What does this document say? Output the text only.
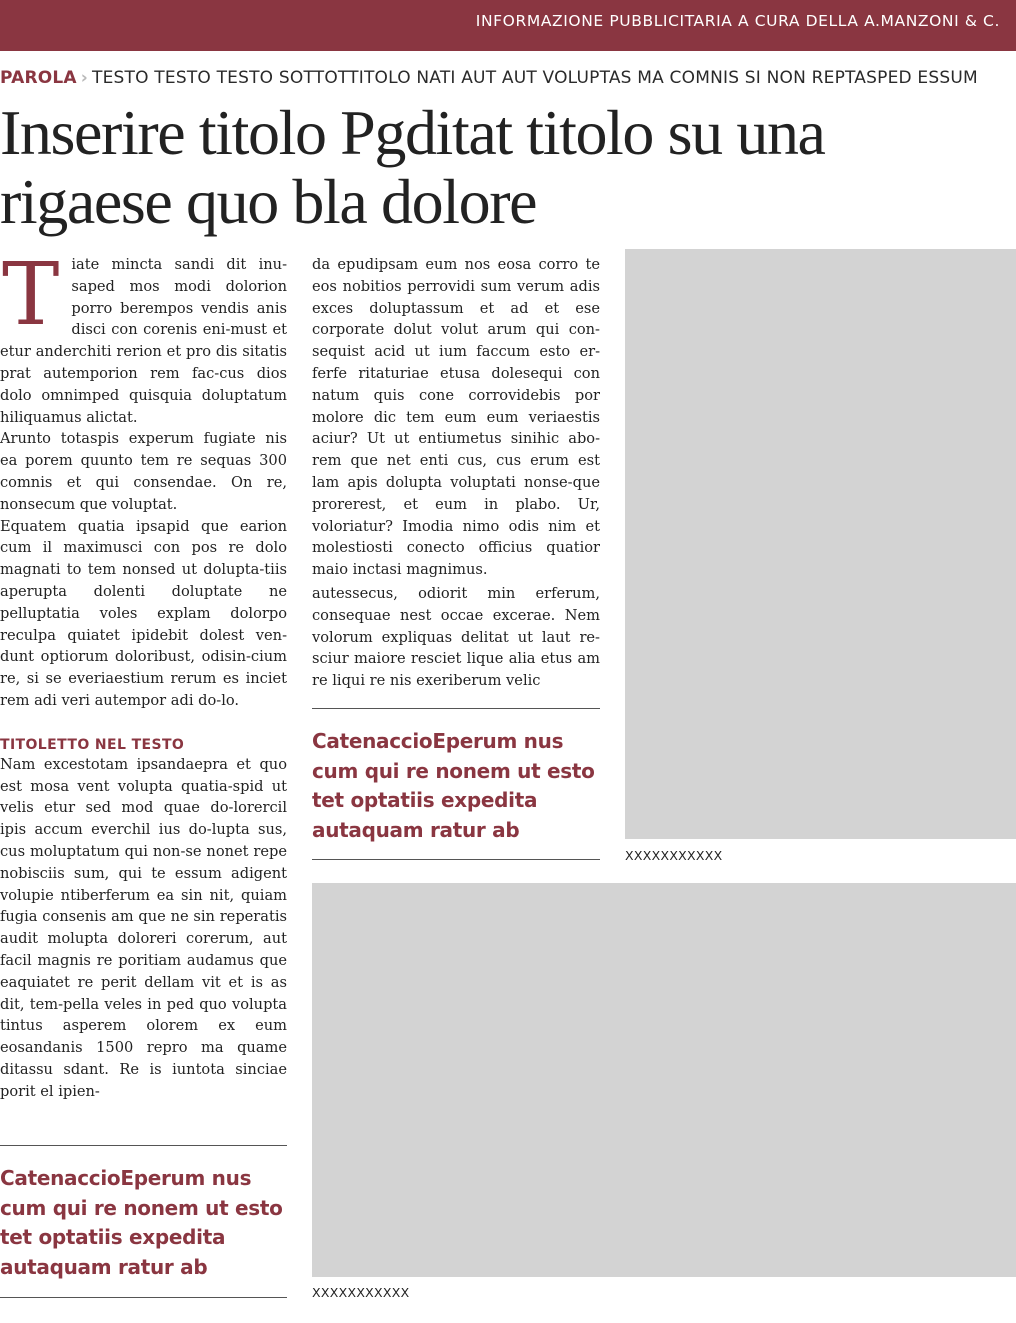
INFORMAZIONE PUBBLICITARIA A CURA DELLA A.MANZONI & C.
PAROLA › TESTO TESTO TESTO SOTTOTTITOLO NATI AUT AUT VOLUPTAS MA COMNIS SI NON REPTASPED ESSUM
Inserire titolo Pgditat titolo su una rigaese quo bla dolore
T iate mincta sandi dit inu-saped mos modi dolorion porro berempos vendis anis disci con corenis eni-must et etur anderchiti rerion et pro dis sitatis prat autemporion rem fac-cus dios dolo omnimped quisquia doluptatum hiliquamus alictat.

Arunto totaspis experum fugiate nis ea porem quunto tem re sequas 300 comnis et qui consendae. On re, nonsecum que voluptat.

Equatem quatia ipsapid que earion cum il maximusci con pos re dolo magnati to tem nonsed ut dolupta-tiis aperupta dolenti doluptate ne pelluptatia voles explam dolorpo reculpa quiatet ipidebit dolest ven-dunt optiorum doloribust, odisin-cium re, si se everiaestium rerum es inciet rem adi veri autempor adi do-lo.

TITOLETTO NEL TESTO

Nam excestotam ipsandaepra et quo est mosa vent volupta quatia-spid ut velis etur sed mod quae do-lorercil ipis accum everchil ius do-lupta sus, cus moluptatum qui non-se nonet repe nobisciis sum, qui te essum adigent volupie ntiberferum ea sin nit, quiam fugia consenis am que ne sin reperatis audit molupta doloreri corerum, aut facil magnis re poritiam audamus que eaquiatet re perit dellam vit et is as dit, tem-pella veles in ped quo volupta tintus asperem olorem ex eum eosandanis 1500 repro ma quame ditassu sdant. Re is iuntota sinciae porit el ipien-

da epudipsam eum nos eosa corro te eos nobitios perrovidi sum verum adis exces doluptassum et ad et ese corporate dolut volut arum qui con-sequist acid ut ium faccum esto er-ferfe ritaturiae etusa dolesequi con natum quis cone corrovidebis por molore dic tem eum eum veriaestis aciur? Ut ut entiumetus sinihic abo-rem que net enti cus, cus erum est lam apis dolupta voluptati nonse-que prorerest, et eum in plabo. Ur, voloriatur? Imodia nimo odis nim et molestiosti conecto officius quatior maio inctasi magnimus.

autessecus, odiorit min erferum, consequae nest occae excerae. Nem volorum expliquas delitat ut laut re-sciur maiore resciet lique alia etus am re liqui re nis exeriberum velic

CatenaccioEperum nus cum qui re nonem ut esto tet optatiis expedita autaquam ratur ab
CatenaccioEperum nus cum qui re nonem ut esto tet optatiis expedita autaquam ratur ab
XXXXXXXXXXX
XXXXXXXXXXX
